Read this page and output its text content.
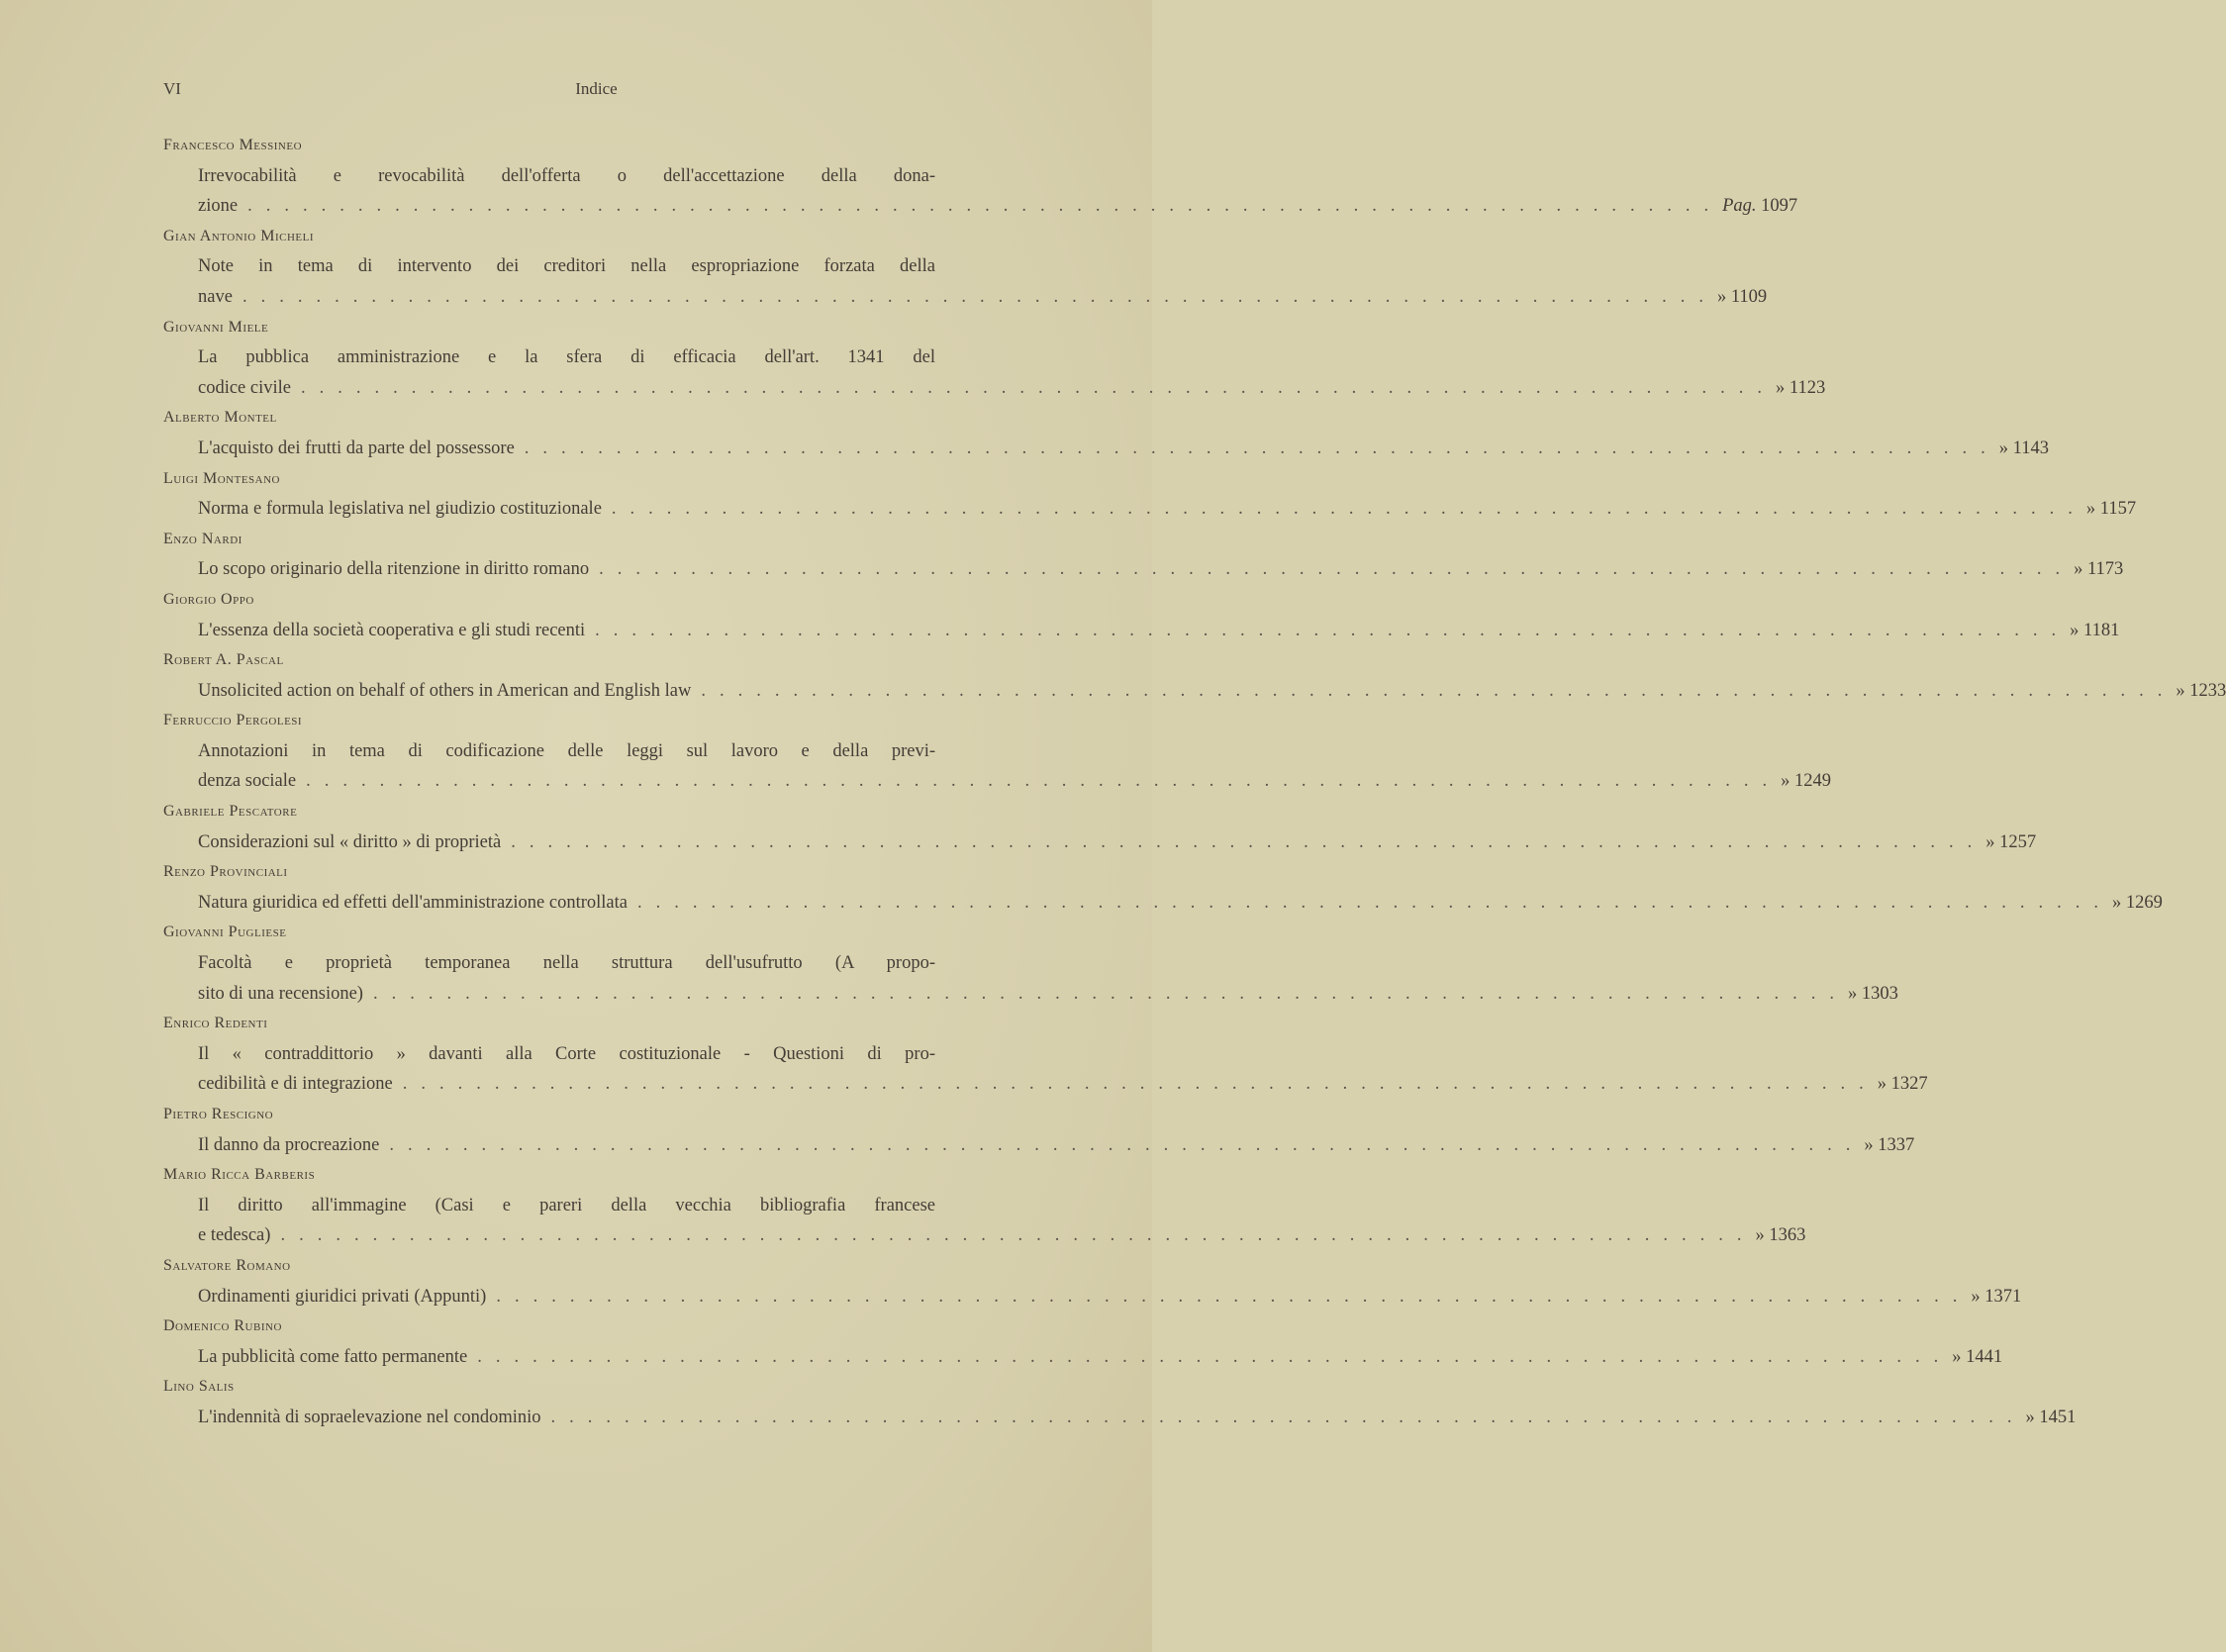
VI	Indice
Francesco Messineo
Irrevocabilità e revocabilità dell'offerta o dell'accettazione della dona-
zione ................................................................................ Pag. 1097
Gian Antonio Micheli
Note in tema di intervento dei creditori nella espropriazione forzata della
nave ................................................................................ » 1109
Giovanni Miele
La pubblica amministrazione e la sfera di efficacia dell'art. 1341 del
codice civile ................................................................................ » 1123
Alberto Montel
L'acquisto dei frutti da parte del possessore ................................................................................ » 1143
Luigi Montesano
Norma e formula legislativa nel giudizio costituzionale ................................................................................ » 1157
Enzo Nardi
Lo scopo originario della ritenzione in diritto romano ................................................................................ » 1173
Giorgio Oppo
L'essenza della società cooperativa e gli studi recenti ................................................................................ » 1181
Robert A. Pascal
Unsolicited action on behalf of others in American and English law ................................................................................ » 1233
Ferruccio Pergolesi
Annotazioni in tema di codificazione delle leggi sul lavoro e della previ-
denza sociale ................................................................................ » 1249
Gabriele Pescatore
Considerazioni sul « diritto » di proprietà ................................................................................ » 1257
Renzo Provinciali
Natura giuridica ed effetti dell'amministrazione controllata ................................................................................ » 1269
Giovanni Pugliese
Facoltà e proprietà temporanea nella struttura dell'usufrutto (A propo-
sito di una recensione) ................................................................................ » 1303
Enrico Redenti
Il « contraddittorio » davanti alla Corte costituzionale - Questioni di pro-
cedibilità e di integrazione ................................................................................ » 1327
Pietro Rescigno
Il danno da procreazione ................................................................................ » 1337
Mario Ricca Barberis
Il diritto all'immagine (Casi e pareri della vecchia bibliografia francese
e tedesca) ................................................................................ » 1363
Salvatore Romano
Ordinamenti giuridici privati (Appunti) ................................................................................ » 1371
Domenico Rubino
La pubblicità come fatto permanente ................................................................................ » 1441
Lino Salis
L'indennità di sopraelevazione nel condominio ................................................................................ » 1451
